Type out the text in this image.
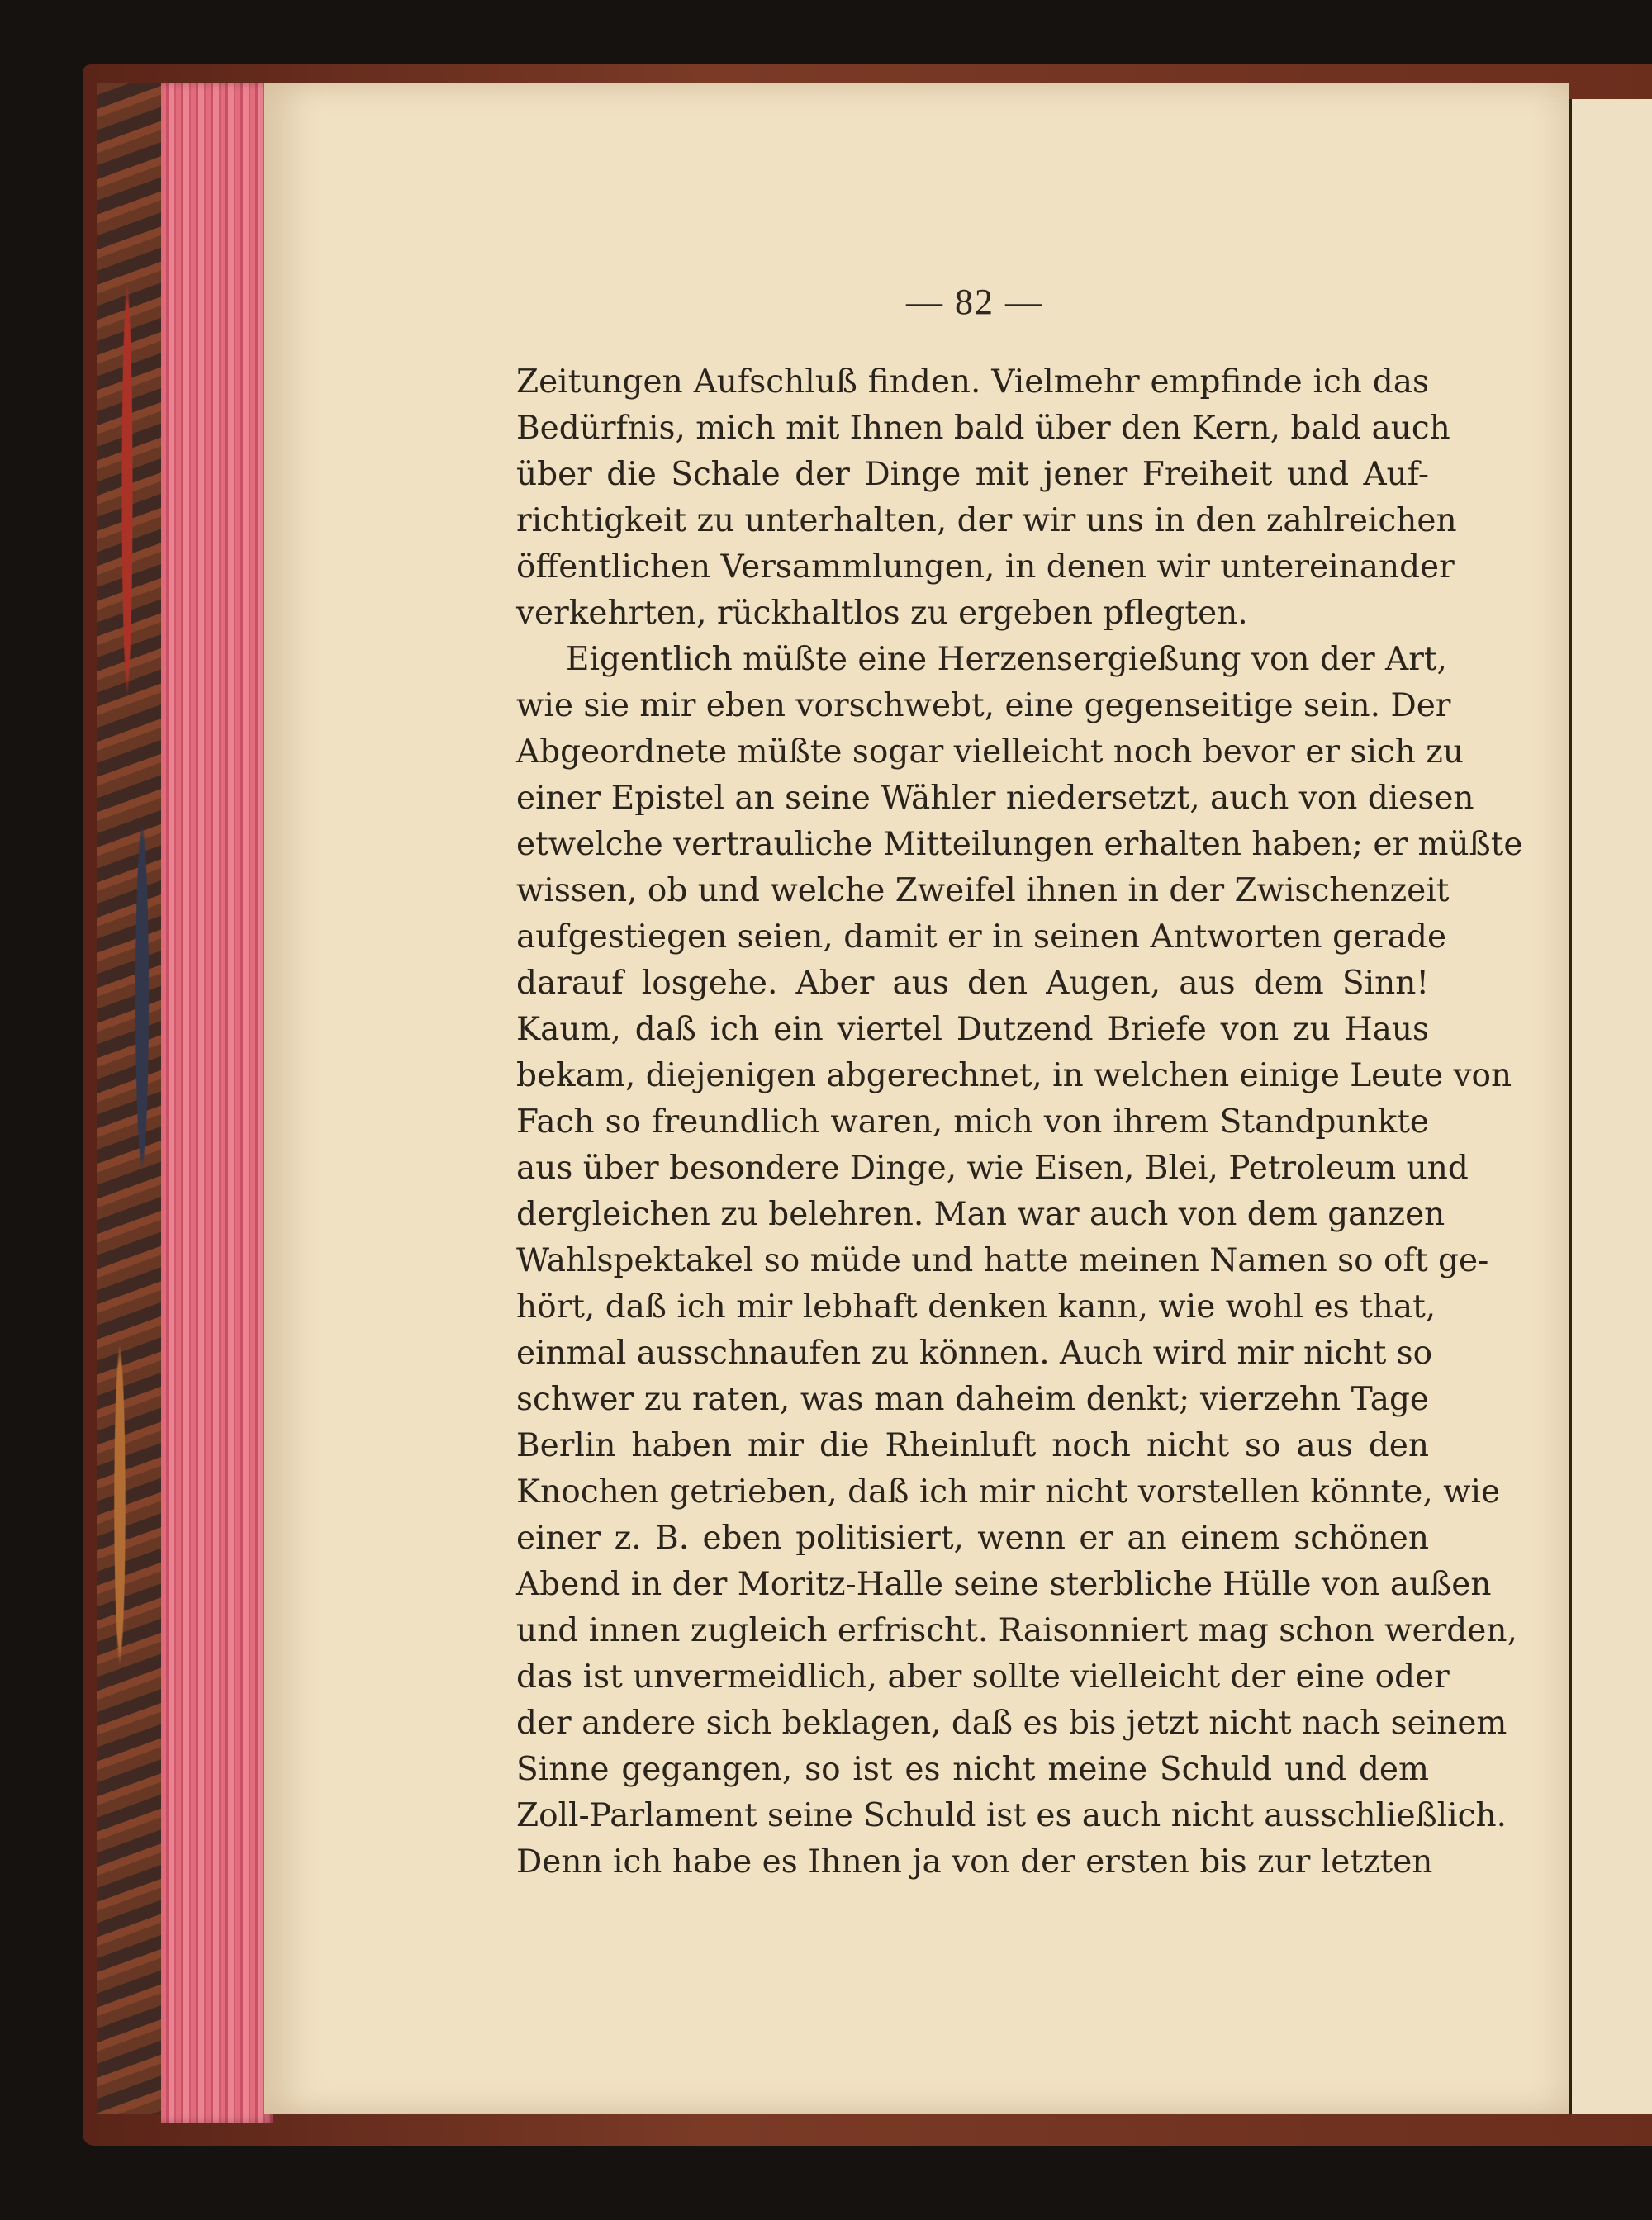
— 82 —
Zeitungen Aufschluß finden. Vielmehr empfinde ich das
Bedürfnis, mich mit Ihnen bald über den Kern, bald auch
über die Schale der Dinge mit jener Freiheit und Auf-
richtigkeit zu unterhalten, der wir uns in den zahlreichen
öffentlichen Versammlungen, in denen wir untereinander
verkehrten, rückhaltlos zu ergeben pflegten.
Eigentlich müßte eine Herzensergießung von der Art,
wie sie mir eben vorschwebt, eine gegenseitige sein. Der
Abgeordnete müßte sogar vielleicht noch bevor er sich zu
einer Epistel an seine Wähler niedersetzt, auch von diesen
etwelche vertrauliche Mitteilungen erhalten haben; er müßte
wissen, ob und welche Zweifel ihnen in der Zwischenzeit
aufgestiegen seien, damit er in seinen Antworten gerade
darauf losgehe. Aber aus den Augen, aus dem Sinn!
Kaum, daß ich ein viertel Dutzend Briefe von zu Haus
bekam, diejenigen abgerechnet, in welchen einige Leute von
Fach so freundlich waren, mich von ihrem Standpunkte
aus über besondere Dinge, wie Eisen, Blei, Petroleum und
dergleichen zu belehren. Man war auch von dem ganzen
Wahlspektakel so müde und hatte meinen Namen so oft ge-
hört, daß ich mir lebhaft denken kann, wie wohl es that,
einmal ausschnaufen zu können. Auch wird mir nicht so
schwer zu raten, was man daheim denkt; vierzehn Tage
Berlin haben mir die Rheinluft noch nicht so aus den
Knochen getrieben, daß ich mir nicht vorstellen könnte, wie
einer z. B. eben politisiert, wenn er an einem schönen
Abend in der Moritz-Halle seine sterbliche Hülle von außen
und innen zugleich erfrischt. Raisonniert mag schon werden,
das ist unvermeidlich, aber sollte vielleicht der eine oder
der andere sich beklagen, daß es bis jetzt nicht nach seinem
Sinne gegangen, so ist es nicht meine Schuld und dem
Zoll-Parlament seine Schuld ist es auch nicht ausschließlich.
Denn ich habe es Ihnen ja von der ersten bis zur letzten
